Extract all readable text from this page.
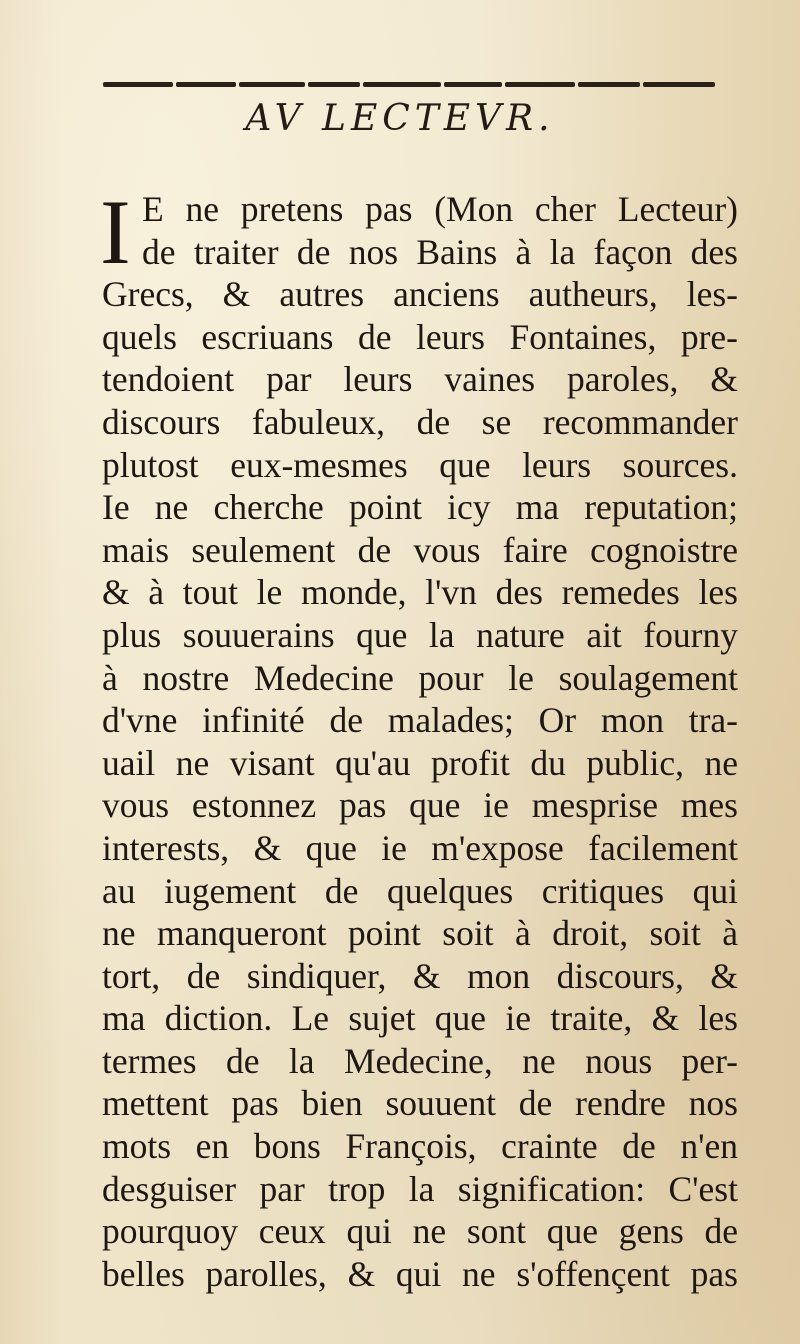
AV LECTEVR.
I E ne pretens pas (Mon cher Lecteur)
de traiter de nos Bains à la façon des
Grecs, & autres anciens autheurs, les-
quels escriuans de leurs Fontaines, pre-
tendoient par leurs vaines paroles, &
discours fabuleux, de se recommander
plutost eux-mesmes que leurs sources.
Ie ne cherche point icy ma reputation;
mais seulement de vous faire cognoistre
& à tout le monde, l'vn des remedes les
plus souuerains que la nature ait fourny
à nostre Medecine pour le soulagement
d'vne infinité de malades; Or mon tra-
uail ne visant qu'au profit du public, ne
vous estonnez pas que ie mesprise mes
interests, & que ie m'expose facilement
au iugement de quelques critiques qui
ne manqueront point soit à droit, soit à
tort, de sindiquer, & mon discours, &
ma diction. Le sujet que ie traite, & les
termes de la Medecine, ne nous per-
mettent pas bien souuent de rendre nos
mots en bons François, crainte de n'en
desguiser par trop la signification: C'est
pourquoy ceux qui ne sont que gens de
belles parolles, & qui ne s'offençent pas
